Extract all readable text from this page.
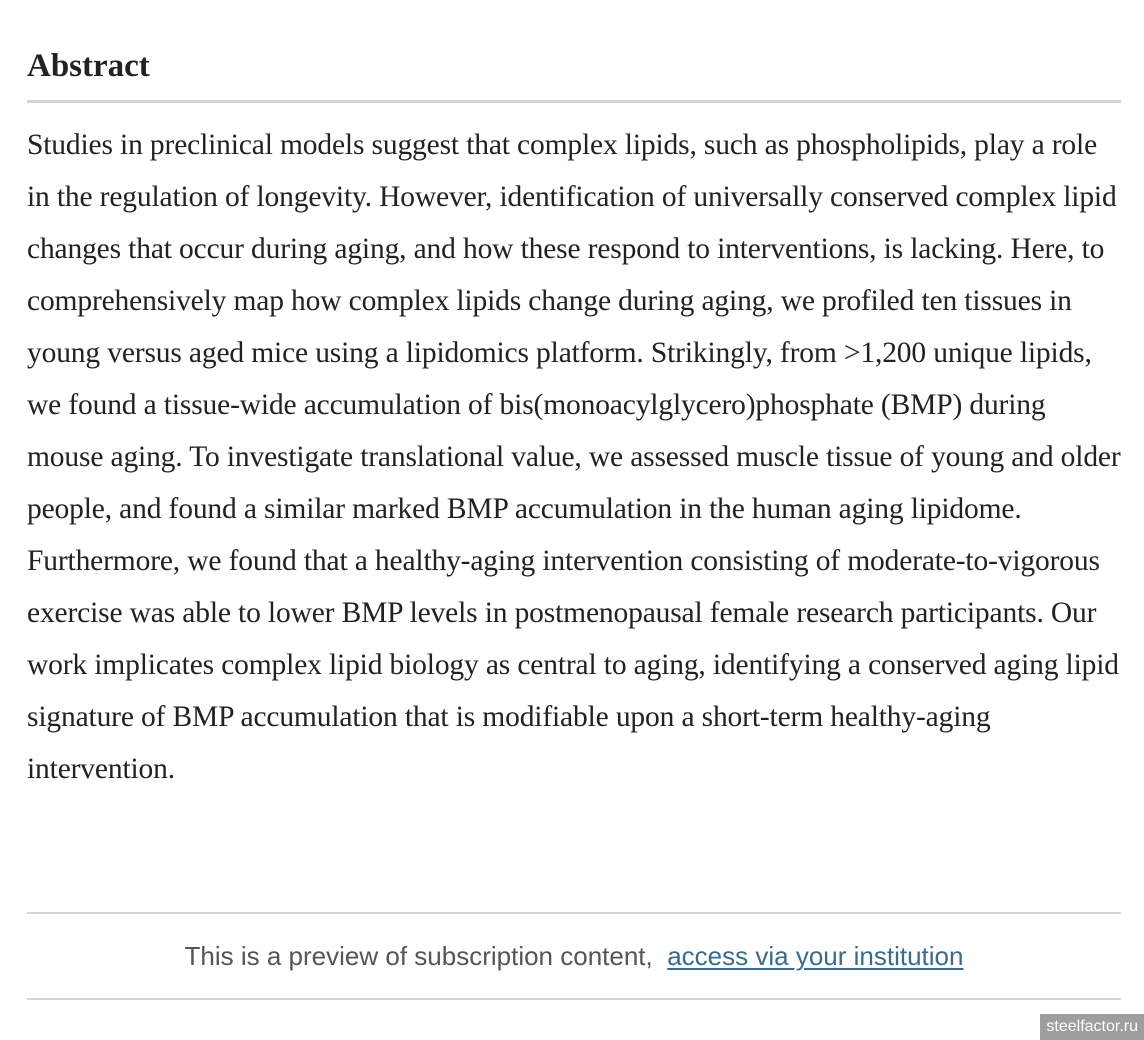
Abstract

Studies in preclinical models suggest that complex lipids, such as phospholipids, play a role in the regulation of longevity. However, identification of universally conserved complex lipid changes that occur during aging, and how these respond to interventions, is lacking. Here, to comprehensively map how complex lipids change during aging, we profiled ten tissues in young versus aged mice using a lipidomics platform. Strikingly, from >1,200 unique lipids, we found a tissue-wide accumulation of bis(monoacylglycero)phosphate (BMP) during mouse aging. To investigate translational value, we assessed muscle tissue of young and older people, and found a similar marked BMP accumulation in the human aging lipidome. Furthermore, we found that a healthy-aging intervention consisting of moderate-to-vigorous exercise was able to lower BMP levels in postmenopausal female research participants. Our work implicates complex lipid biology as central to aging, identifying a conserved aging lipid signature of BMP accumulation that is modifiable upon a short-term healthy-aging intervention.

This is a preview of subscription content, access via your institution
steelfactor.ru
